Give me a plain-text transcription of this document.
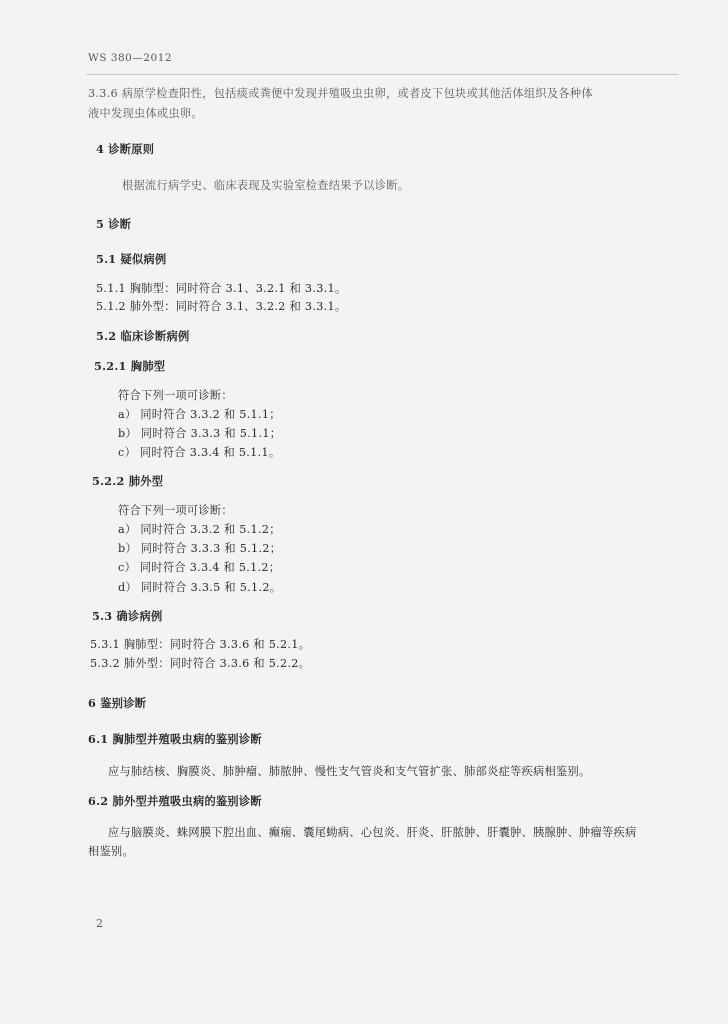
WS 380—2012
3.3.6 病原学检查阳性，包括痰或粪便中发现并殖吸虫虫卵，或者皮下包块或其他活体组织及各种体
液中发现虫体或虫卵。
4 诊断原则
根据流行病学史、临床表现及实验室检查结果予以诊断。
5 诊断
5.1 疑似病例
5.1.1 胸肺型：同时符合 3.1、3.2.1 和 3.3.1。
5.1.2 肺外型：同时符合 3.1、3.2.2 和 3.3.1。
5.2 临床诊断病例
5.2.1 胸肺型
符合下列一项可诊断：
a） 同时符合 3.3.2 和 5.1.1；
b） 同时符合 3.3.3 和 5.1.1；
c） 同时符合 3.3.4 和 5.1.1。
5.2.2 肺外型
符合下列一项可诊断：
a） 同时符合 3.3.2 和 5.1.2；
b） 同时符合 3.3.3 和 5.1.2；
c） 同时符合 3.3.4 和 5.1.2；
d） 同时符合 3.3.5 和 5.1.2。
5.3 确诊病例
5.3.1 胸肺型：同时符合 3.3.6 和 5.2.1。
5.3.2 肺外型：同时符合 3.3.6 和 5.2.2。
6 鉴别诊断
6.1 胸肺型并殖吸虫病的鉴别诊断
应与肺结核、胸膜炎、肺肿瘤、肺脓肿、慢性支气管炎和支气管扩张、肺部炎症等疾病相鉴别。
6.2 肺外型并殖吸虫病的鉴别诊断
应与脑膜炎、蛛网膜下腔出血、癫痫、囊尾蚴病、心包炎、肝炎、肝脓肿、肝囊肿、胰腺肿、肿瘤等疾病
相鉴别。
2
